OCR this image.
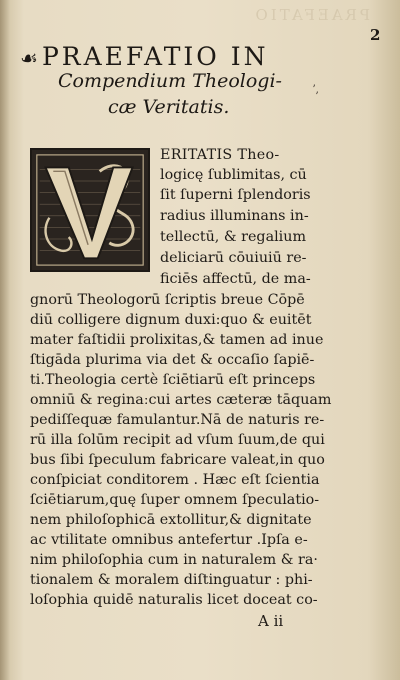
PRAEFATIO
2
☙ PRAEFATIO IN
Compendium Theologi-
cæ Veritatis.
ʼ,
ERITATIS Theo-
logicę ſublimitas, cū
ſit ſuperni ſplendoris
radius illuminans in-
tellectū, & regalium
deliciarū cōuiuiū re-
ficiēs affectū, de ma-
gnorū Theologorū ſcriptis breue Cōpē
diū colligere dignum duxi:quo & euitēt
mater faſtidii prolixitas,& tamen ad inue
ſtigāda plurima via det & occaſio ſapiē-
ti.Theologia certè ſciētiarū eſt princeps
omniū & reginaːcui artes cæteræ tāquam
pediſſequæ famulantur.Nā de naturis re-
rū illa ſolūm recipit ad vſum ſuum,de qui
bus ſibi ſpeculum fabricare valeat,in quo
conſpiciat conditorem . Hæc eſt ſcientia
ſciētiarum,quę ſuper omnem ſpeculatio-
nem philoſophicā extollitur,& dignitate
ac vtilitate omnibus antefertur .Ipſa e-
nim philoſophia cum in naturalem & ra·
tionalem & moralem diſtinguatur : phi-
loſophia quidē naturalis licet doceat co-
A ii
